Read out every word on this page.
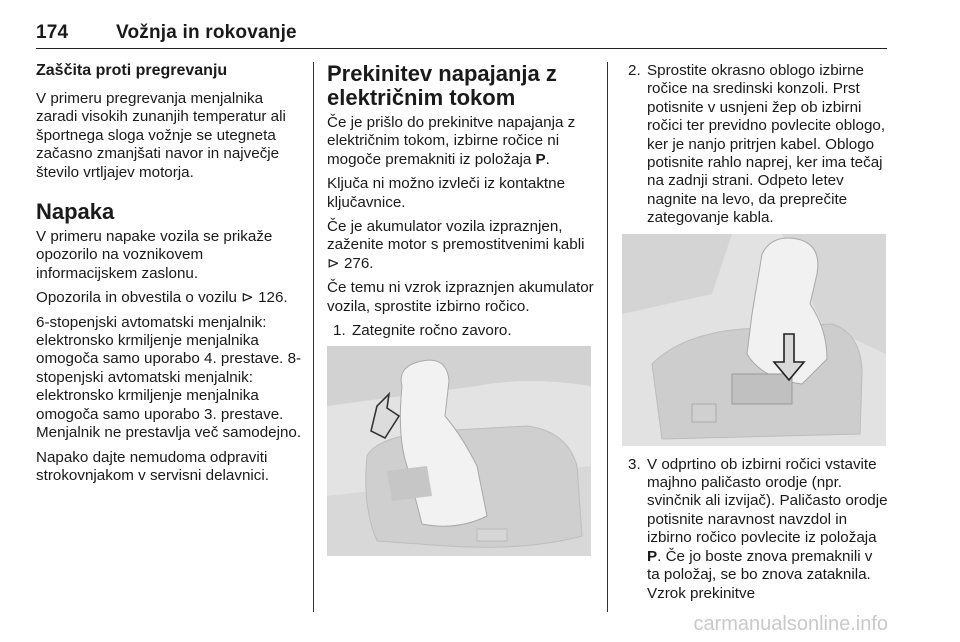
174	Vožnja in rokovanje
Zaščita proti pregrevanju

V primeru pregrevanja menjalnika zaradi visokih zunanjih temperatur ali športnega sloga vožnje se utegneta začasno zmanjšati navor in največje število vrtljajev motorja.

Napaka

V primeru napake vozila se prikaže opozorilo na voznikovem informacijskem zaslonu.

Opozorila in obvestila o vozilu ⊳ 126.

6-stopenjski avtomatski menjalnik: elektronsko krmiljenje menjalnika omogoča samo uporabo 4. prestave. 8-stopenjski avtomatski menjalnik: elektronsko krmiljenje menjalnika omogoča samo uporabo 3. prestave. Menjalnik ne prestavlja več samodejno.

Napako dajte nemudoma odpraviti strokovnjakom v servisni delavnici.

Prekinitev napajanja z električnim tokom

Če je prišlo do prekinitve napajanja z električnim tokom, izbirne ročice ni mogoče premakniti iz položaja P.

Ključa ni možno izvleči iz kontaktne ključavnice.

Če je akumulator vozila izpraznjen, zaženite motor s premostitvenimi kabli ⊳ 276.

Če temu ni vzrok izpraznjen akumulator vozila, sprostite izbirno ročico.

1. Zategnite ročno zavoro.
2. Sprostite okrasno oblogo izbirne ročice na sredinski konzoli. Prst potisnite v usnjeni žep ob izbirni ročici ter previdno povlecite oblogo, ker je nanjo pritrjen kabel. Oblogo potisnite rahlo naprej, ker ima tečaj na zadnji strani. Odpeto letev nagnite na levo, da preprečite zategovanje kabla.
3. V odprtino ob izbirni ročici vstavite majhno paličasto orodje (npr. svinčnik ali izvijač). Paličasto orodje potisnite naravnost navzdol in izbirno ročico povlecite iz položaja P. Če jo boste znova premaknili v ta položaj, se bo znova zataknila. Vzrok prekinitve
carmanualsonline.info
